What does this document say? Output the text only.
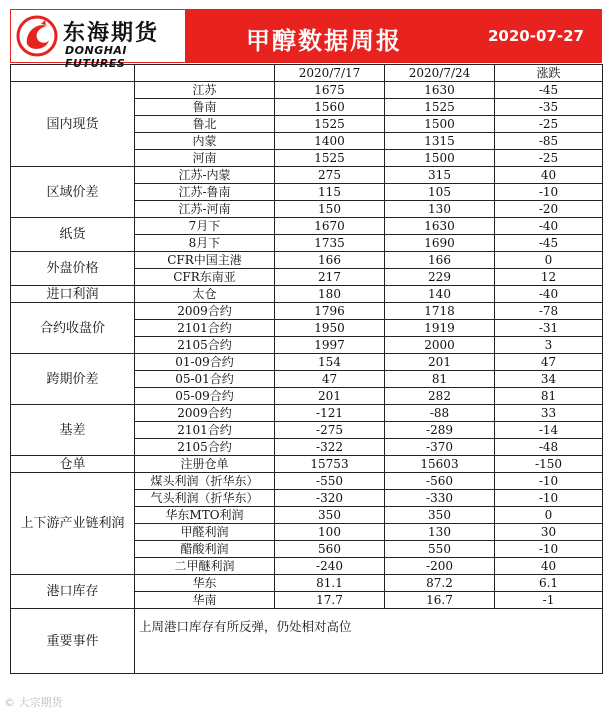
东海期货
DONGHAI FUTURES
甲醇数据周报	2020-07-27
		2020/7/17	2020/7/24	涨跌
国内现货	江苏	1675	1630	-45
	鲁南	1560	1525	-35
	鲁北	1525	1500	-25
	内蒙	1400	1315	-85
	河南	1525	1500	-25
区域价差	江苏-内蒙	275	315	40
	江苏-鲁南	115	105	-10
	江苏-河南	150	130	-20
纸货	7月下	1670	1630	-40
	8月下	1735	1690	-45
外盘价格	CFR中国主港	166	166	0
	CFR东南亚	217	229	12
进口利润	太仓	180	140	-40
合约收盘价	2009合约	1796	1718	-78
	2101合约	1950	1919	-31
	2105合约	1997	2000	3
跨期价差	01-09合约	154	201	47
	05-01合约	47	81	34
	05-09合约	201	282	81
基差	2009合约	-121	-88	33
	2101合约	-275	-289	-14
	2105合约	-322	-370	-48
仓单	注册仓单	15753	15603	-150
上下游产业链利润	煤头利润（折华东）	-550	-560	-10
	气头利润（折华东）	-320	-330	-10
	华东MTO利润	350	350	0
	甲醛利润	100	130	30
	醋酸利润	560	550	-10
	二甲醚利润	-240	-200	40
港口库存	华东	81.1	87.2	6.1
	华南	17.7	16.7	-1
重要事件	上周港口库存有所反弹，仍处相对高位			
© 大宗期货
